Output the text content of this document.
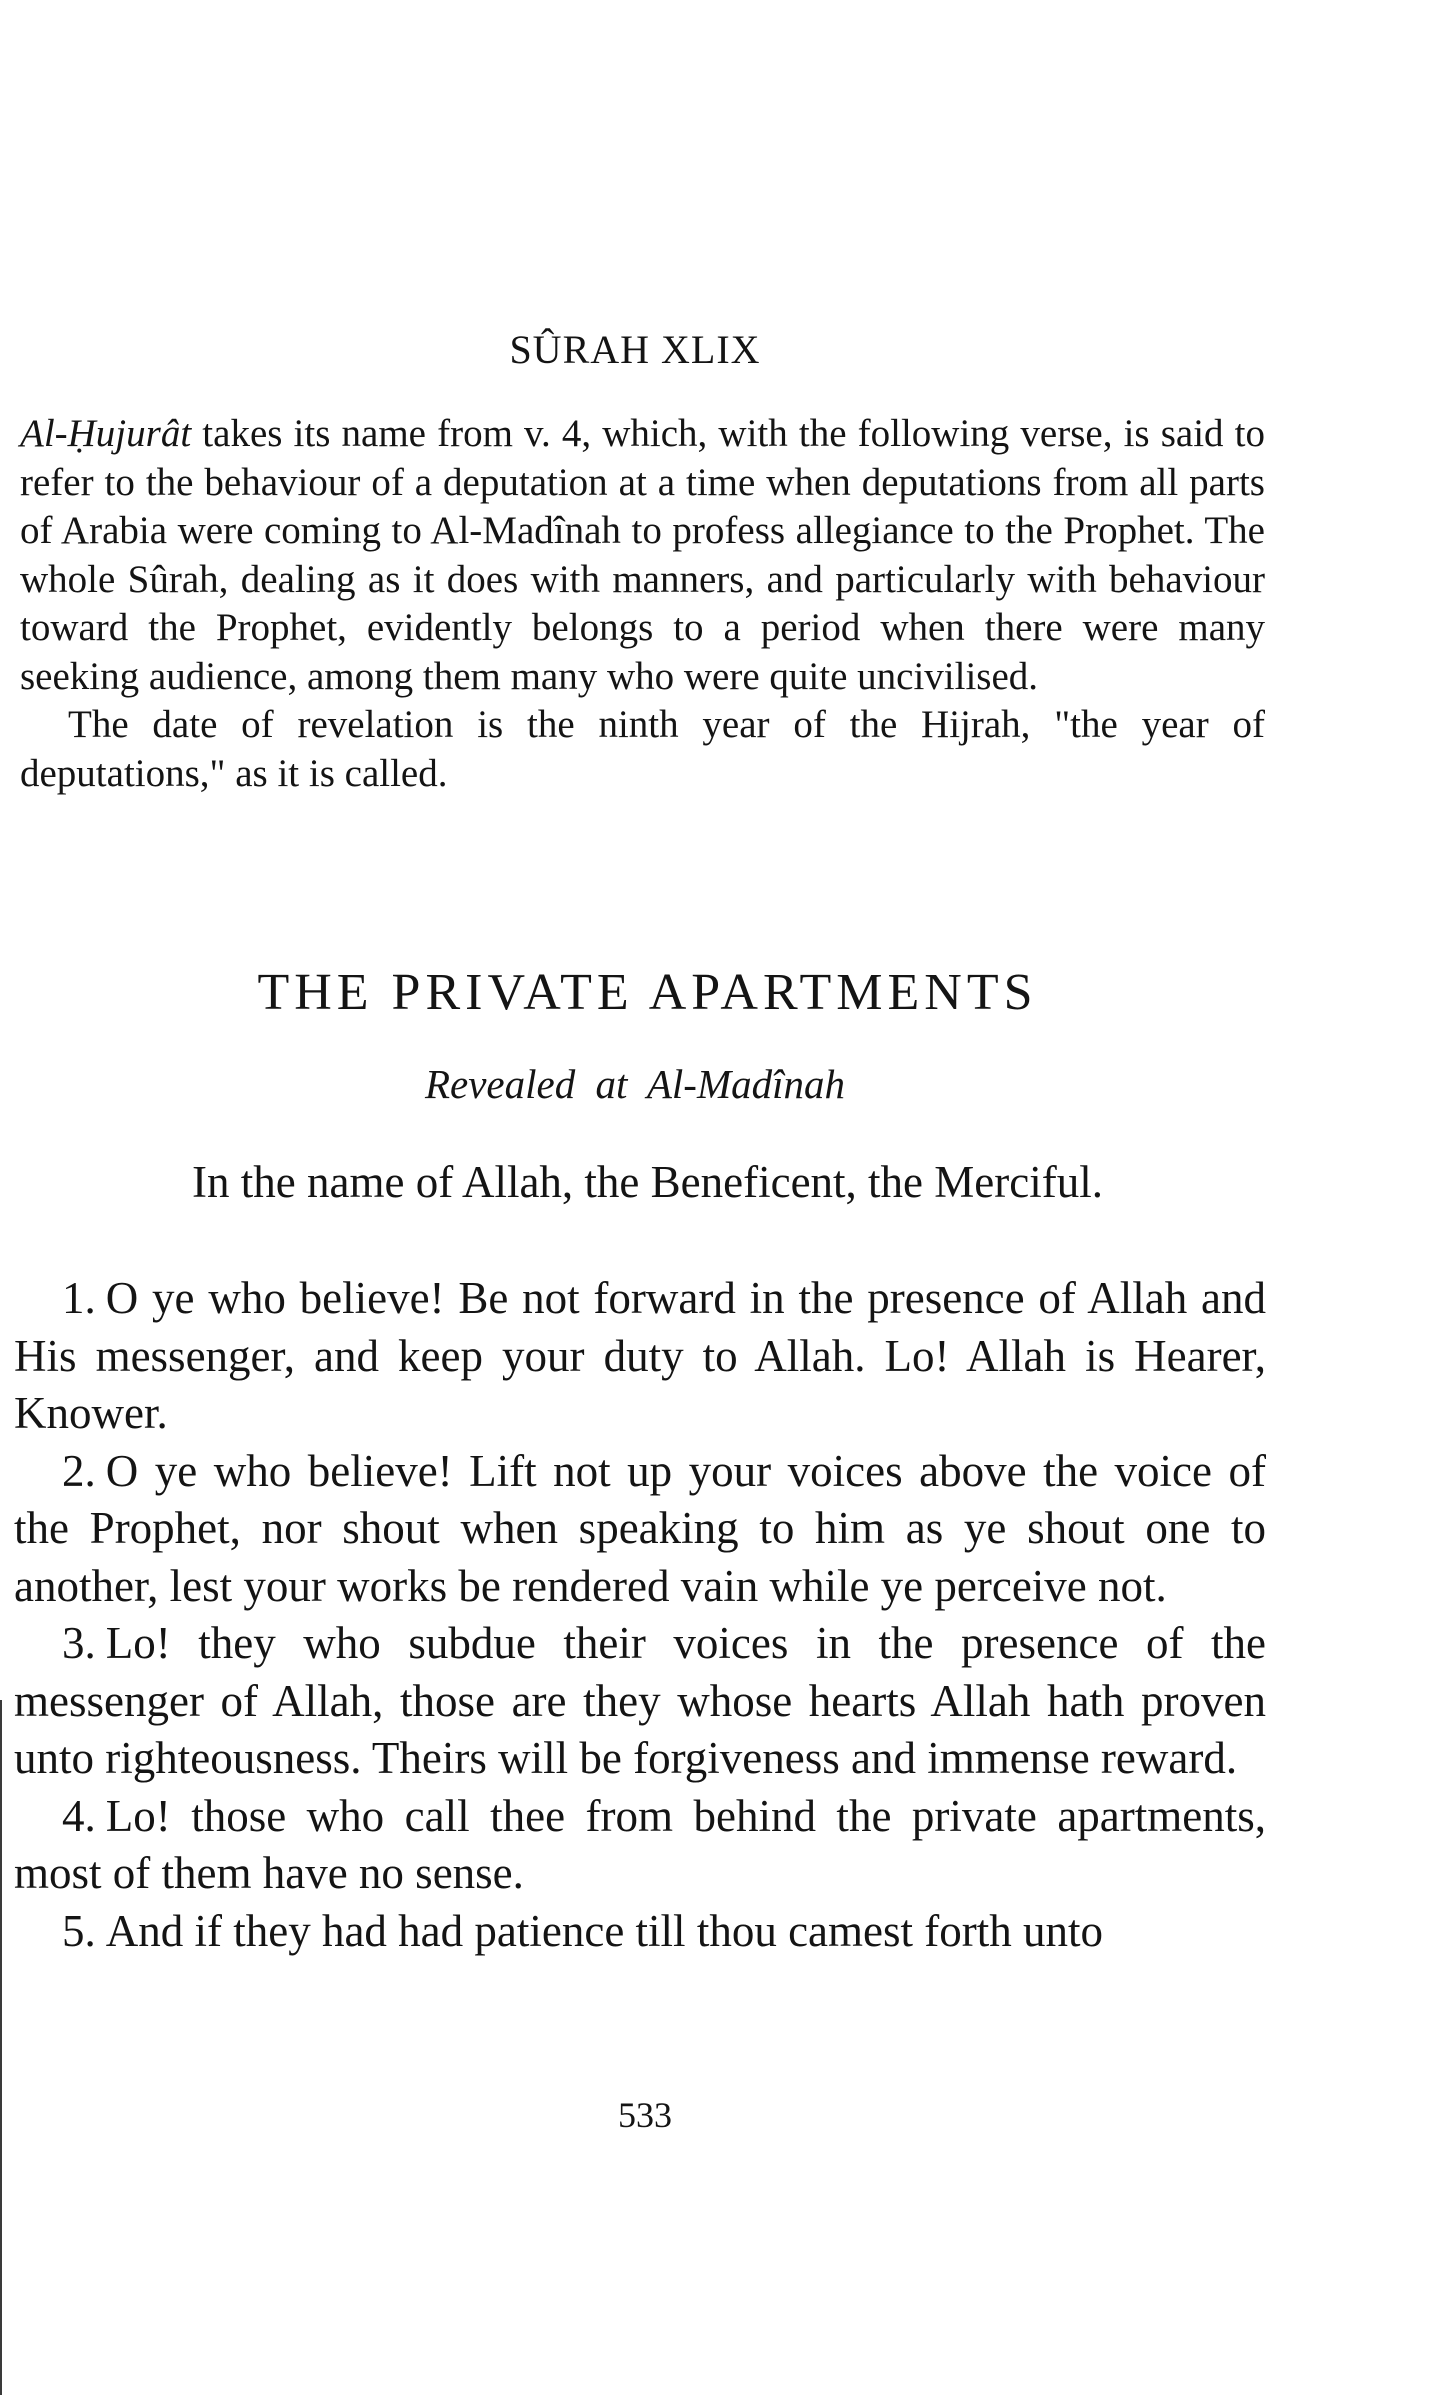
SÛRAH XLIX

Al-Ḥujurât takes its name from v. 4, which, with the following verse, is said to refer to the behaviour of a deputation at a time when deputations from all parts of Arabia were coming to Al-Madînah to profess allegiance to the Prophet. The whole Sûrah, dealing as it does with manners, and particularly with behaviour toward the Prophet, evidently belongs to a period when there were many seeking audience, among them many who were quite uncivilised.

The date of revelation is the ninth year of the Hijrah, "the year of deputations," as it is called.

THE PRIVATE APARTMENTS
Revealed at Al-Madînah
In the name of Allah, the Beneficent, the Merciful.

1. O ye who believe! Be not forward in the presence of Allah and His messenger, and keep your duty to Allah. Lo! Allah is Hearer, Knower.

2. O ye who believe! Lift not up your voices above the voice of the Prophet, nor shout when speaking to him as ye shout one to another, lest your works be rendered vain while ye perceive not.

3. Lo! they who subdue their voices in the presence of the messenger of Allah, those are they whose hearts Allah hath proven unto righteousness. Theirs will be forgiveness and immense reward.

4. Lo! those who call thee from behind the private apartments, most of them have no sense.

5. And if they had had patience till thou camest forth unto

533
